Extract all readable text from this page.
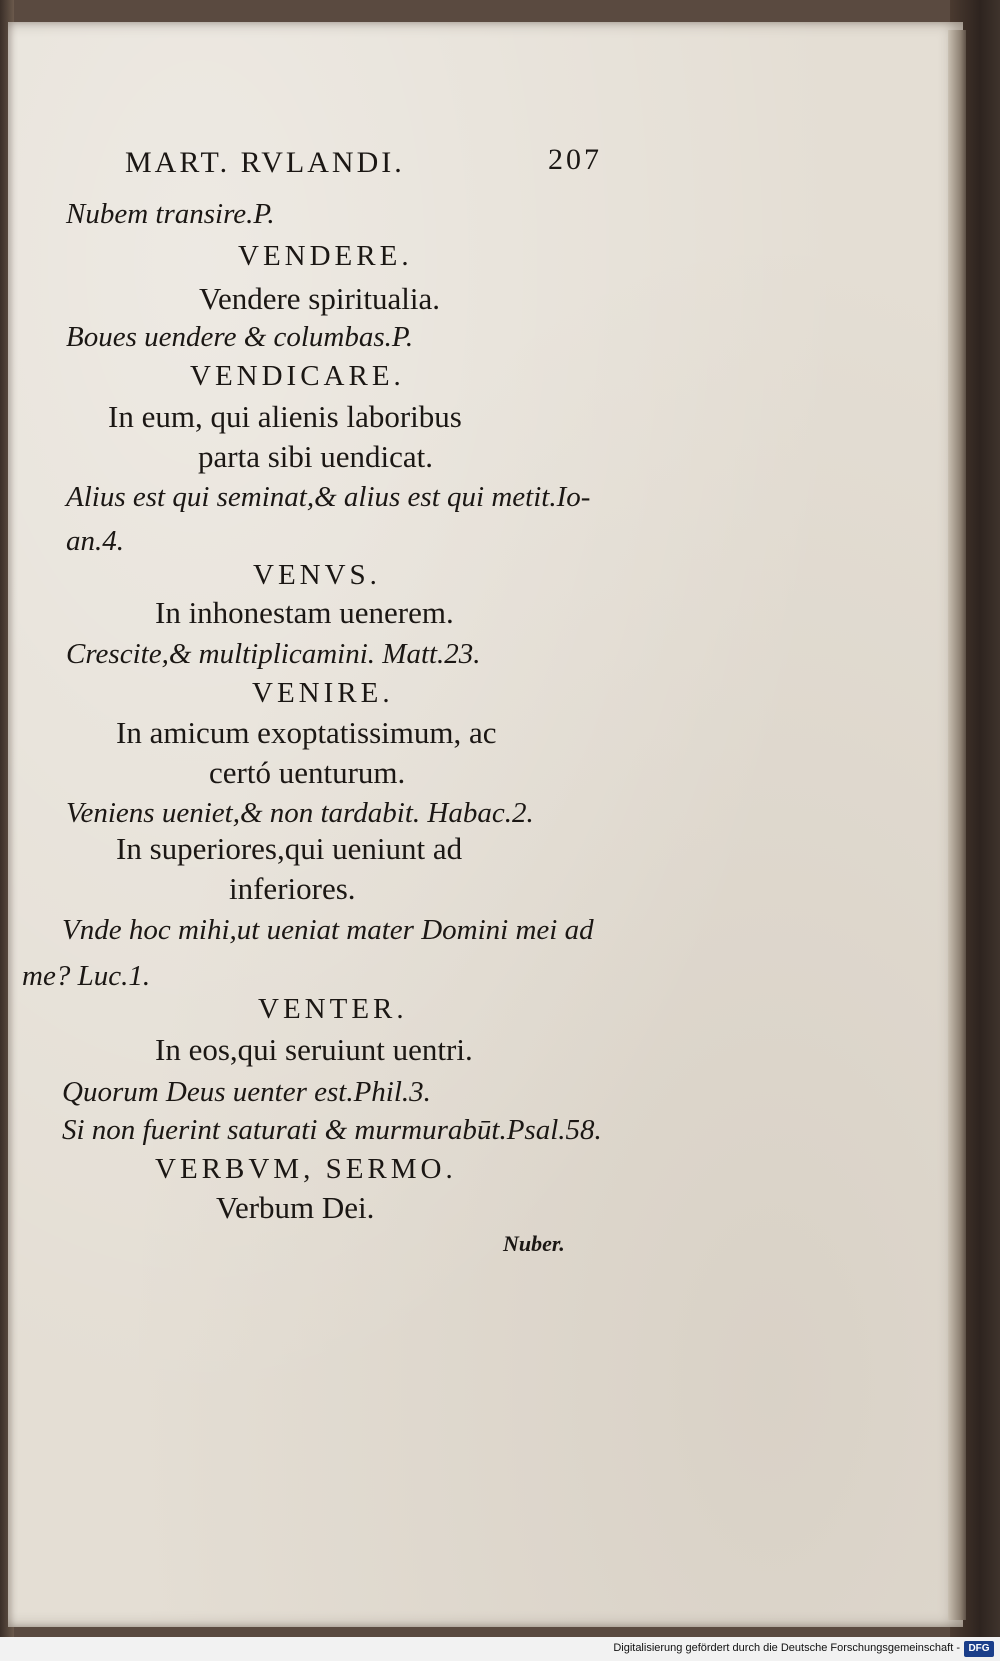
MART. RVLANDI.	207
Nubem transire.P.
VENDERE.
Vendere spiritualia.
Boues uendere & columbas.P.
VENDICARE.
In eum, qui alienis laboribus
parta sibi uendicat.
Alius est qui seminat,& alius est qui metit.Io-
an.4.
VENVS.
In inhonestam uenerem.
Crescite,& multiplicamini. Matt.23.
VENIRE.
In amicum exoptatissimum, ac
certó uenturum.
Veniens ueniet,& non tardabit. Habac.2.
In superiores,qui ueniunt ad
inferiores.
Vnde hoc mihi,ut ueniat mater Domini mei ad
me? Luc.1.
VENTER.
In eos,qui seruiunt uentri.
Quorum Deus uenter est.Phil.3.
Si non fuerint saturati & murmurabūt.Psal.58.
VERBVM, SERMO.
Verbum Dei.
Nuber.
Digitalisierung gefördert durch die Deutsche Forschungsgemeinschaft - DFG
